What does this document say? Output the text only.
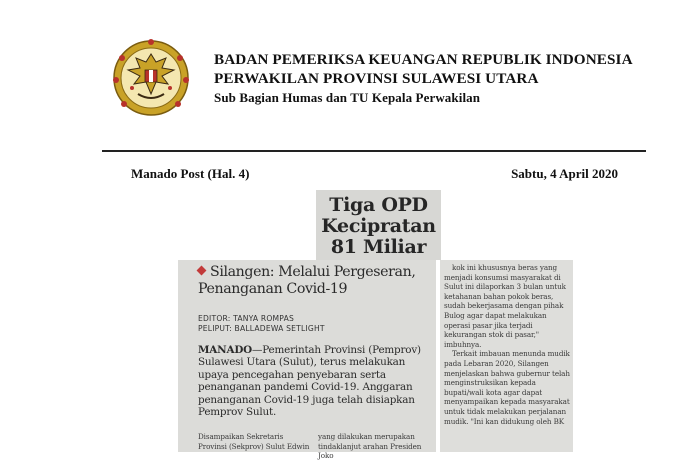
BADAN PEMERIKSA KEUANGAN REPUBLIK INDONESIA
PERWAKILAN PROVINSI SULAWESI UTARA
Sub Bagian Humas dan TU Kepala Perwakilan
Manado Post (Hal. 4)	Sabtu, 4 April 2020
Tiga OPD
Kecipratan
81 Miliar
Silangen: Melalui Pergeseran, Penanganan Covid-19
EDITOR: TANYA ROMPAS
PELIPUT: BALLADEWA SETLIGHT
MANADO—Pemerintah Provinsi (Pemprov) Sulawesi Utara (Sulut), terus melakukan upaya pencegahan penyebaran serta penanganan pandemi Covid-19. Anggaran penanganan Covid-19 juga telah disiapkan Pemprov Sulut.
Disampaikan Sekretaris Provinsi (Sekprov) Sulut Edwin
yang dilakukan merupakan tindaklanjut arahan Presiden Joko
kok ini khususnya beras yang menjadi konsumsi masyarakat di Sulut ini dilaporkan 3 bulan untuk ketahanan bahan pokok beras, sudah bekerjasama dengan pihak Bulog agar dapat melakukan operasi pasar jika terjadi kekurangan stok di pasar," imbuhnya.
Terkait imbauan menunda mudik pada Lebaran 2020, Silangen menjelaskan bahwa gubernur telah menginstruksikan kepada bupati/wali kota agar dapat menyampaikan kepada masyarakat untuk tidak melakukan perjalanan mudik. "Ini kan didukung oleh BK
